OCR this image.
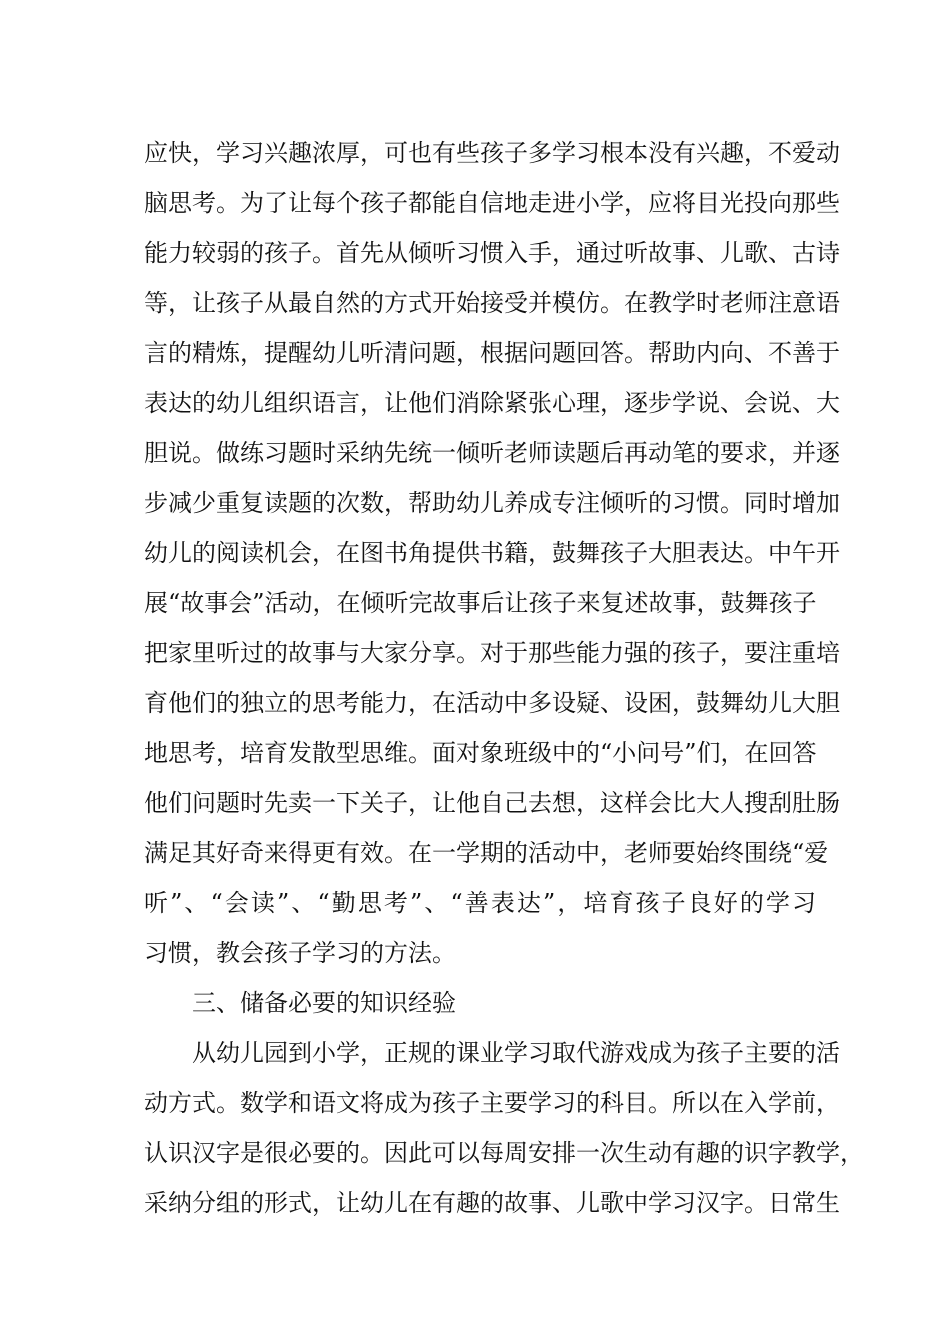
应快，学习兴趣浓厚，可也有些孩子多学习根本没有兴趣，不爱动
脑思考。为了让每个孩子都能自信地走进小学，应将目光投向那些
能力较弱的孩子。首先从倾听习惯入手，通过听故事、儿歌、古诗
等，让孩子从最自然的方式开始接受并模仿。在教学时老师注意语
言的精炼，提醒幼儿听清问题，根据问题回答。帮助内向、不善于
表达的幼儿组织语言，让他们消除紧张心理，逐步学说、会说、大
胆说。做练习题时采纳先统一倾听老师读题后再动笔的要求，并逐
步减少重复读题的次数，帮助幼儿养成专注倾听的习惯。同时增加
幼儿的阅读机会，在图书角提供书籍，鼓舞孩子大胆表达。中午开
展“故事会”活动，在倾听完故事后让孩子来复述故事，鼓舞孩子
把家里听过的故事与大家分享。对于那些能力强的孩子，要注重培
育他们的独立的思考能力，在活动中多设疑、设困，鼓舞幼儿大胆
地思考，培育发散型思维。面对象班级中的“小问号”们，在回答
他们问题时先卖一下关子，让他自己去想，这样会比大人搜刮肚肠
满足其好奇来得更有效。在一学期的活动中，老师要始终围绕“爱
听”、“会读”、“勤思考”、“善表达”，培育孩子良好的学习
习惯，教会孩子学习的方法。
三、储备必要的知识经验
从幼儿园到小学，正规的课业学习取代游戏成为孩子主要的活
动方式。数学和语文将成为孩子主要学习的科目。所以在入学前，
认识汉字是很必要的。因此可以每周安排一次生动有趣的识字教学，
采纳分组的形式，让幼儿在有趣的故事、儿歌中学习汉字。日常生
